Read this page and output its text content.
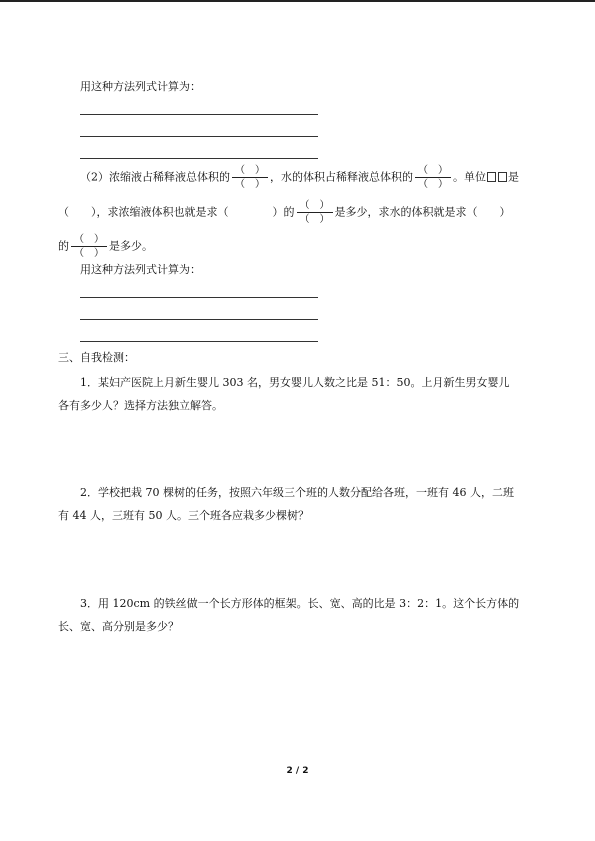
用这种方法列式计算为：
（2）浓缩液占稀释液总体积的 $\frac{( )}{( )}$ ，水的体积占稀释液总体积的 $\frac{( )}{( )}$ 。单位 是
（　　），求浓缩液体积也就是求（　　　　）的 $\frac{( )}{( )}$ 是多少，求水的体积就是求（　　）
的 $\frac{( )}{( )}$ 是多少。
用这种方法列式计算为：
三、自我检测：
1．某妇产医院上月新生婴儿 303 名，男女婴儿人数之比是 51：50。上月新生男女婴儿
各有多少人？选择方法独立解答。
2．学校把栽 70 棵树的任务，按照六年级三个班的人数分配给各班，一班有 46 人，二班
有 44 人，三班有 50 人。三个班各应栽多少棵树？
3．用 120cm 的铁丝做一个长方形体的框架。长、宽、高的比是 3：2：1。这个长方体的
长、宽、高分别是多少？
2 / 2
